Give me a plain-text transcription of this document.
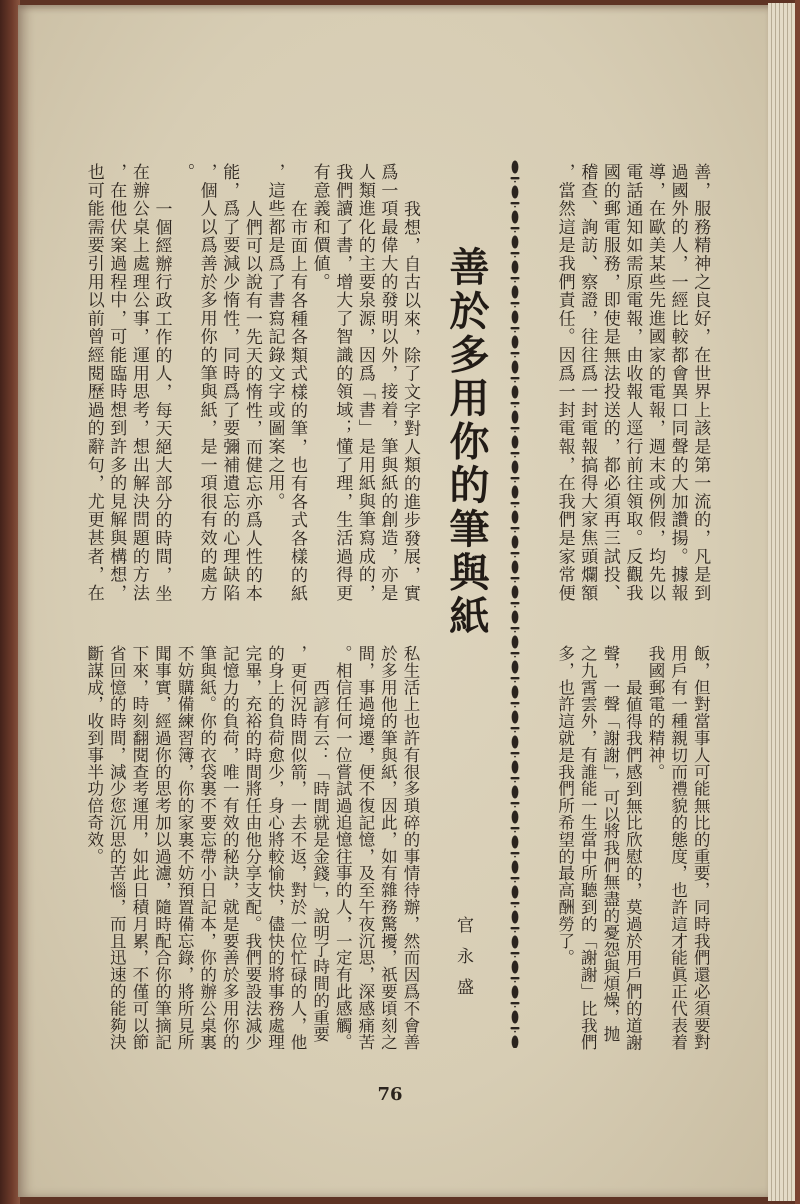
善，服務精神之良好，在世界上該是第一流的，凡是到
過國外的人，一經比較都會異口同聲的大加讚揚。據報
導，在歐美某些先進國家的電報，週末或例假，均先以
電話通知如需原電報，由收報人逕行前往領取。反觀我
國的郵電服務，即使是無法投送的，都必須再三試投、
稽查、詢訪、察證，往往爲一封電報搞得大家焦頭爛額
，當然這是我們責任。因爲一封電報，在我們是家常便
飯，但對當事人可能無比的重要，同時我們還必須要對
用戶有一種親切而禮貌的態度，也許這才能眞正代表着
我國郵電的精神。
最値得我們感到無比欣慰的，莫過於用戶們的道謝
聲，一聲「謝謝」，可以將我們無盡的憂怨與煩燥，抛
之九霄雲外，有誰能一生當中所聽到的「謝謝」比我們
多，也許這就是我們所希望的最高酬勞了。
善於多用你的筆與紙
官永盛
我想，自古以來，除了文字對人類的進步發展，實
爲一項最偉大的發明以外，接着，筆與紙的創造，亦是
人類進化的主要泉源，因爲「書」是用紙與筆寫成的，
我們讀了書，增大了智識的領域；懂了理，生活過得更
有意義和價値。
在市面上有各種各類式樣的筆，也有各式各樣的紙
，這些都是爲了書寫記錄文字或圖案之用。
人們可以說有一先天的惰性，而健忘亦爲人性的本
能，爲了要減少惰性，同時爲了要彌補遺忘的心理缺陷
，個人以爲善於多用你的筆與紙，是一項很有效的處方
。
一個經辦行政工作的人，每天絕大部分的時間，坐
在辦公桌上處理公事，運用思考，想出解決問題的方法
，在他伏案過程中，可能臨時想到許多的見解與構想，
也可能需要引用以前曾經閱歷過的辭句，尤更甚者，在
私生活上也許有很多瑣碎的事情待辦，然而因爲不會善
於多用他的筆與紙，因此，如有雜務驚擾，祇要頃刻之
間，事過境遷，便不復記憶，及至午夜沉思，深感痛苦
。相信任何一位嘗試過追憶往事的人，一定有此感觸。
西諺有云：「時間就是金錢」，說明了時間的重要
，更何況時間似箭，一去不返，對於一位忙碌的人，他
的身上的負荷愈少，身心將較愉快，儘快的將事務處理
完畢，充裕的時間將任由他分享支配。我們要設法減少
記憶力的負荷，唯一有效的秘訣，就是要善於多用你的
筆與紙。你的衣袋裏不要忘帶小日記本，你的辦公桌裏
不妨購備練習簿，你的家裏不妨預置備忘錄，將所見所
聞事實，經過你的思考加以過濾，隨時配合你的筆摘記
下來，時刻翻閱查考運用，如此日積月累，不僅可以節
省回憶的時間，減少您沉思的苦惱，而且迅速的能夠決
斷謀成，收到事半功倍奇效。
76
